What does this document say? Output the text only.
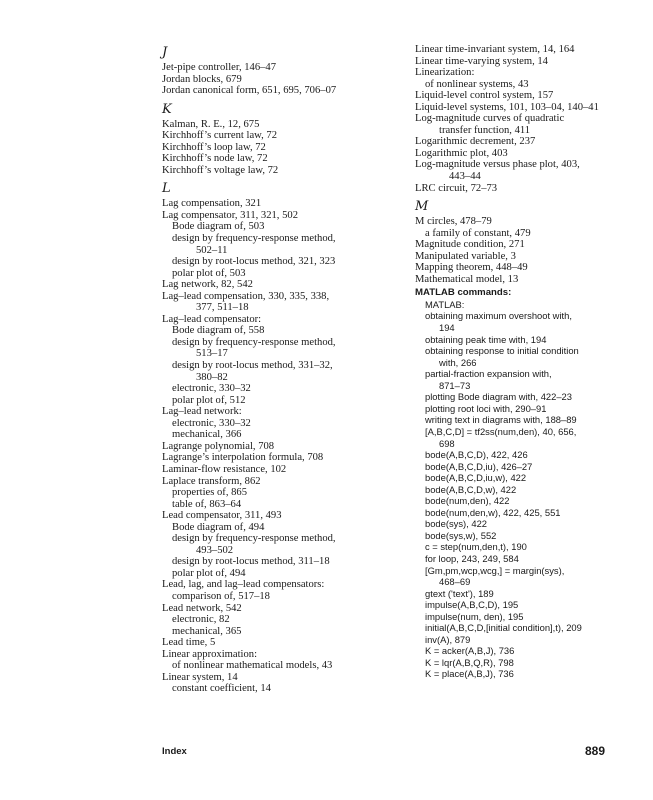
J
Jet-pipe controller, 146–47
Jordan blocks, 679
Jordan canonical form, 651, 695, 706–07
K
Kalman, R. E., 12, 675
Kirchhoff’s current law, 72
Kirchhoff’s loop law, 72
Kirchhoff’s node law, 72
Kirchhoff’s voltage law, 72
L
Lag compensation, 321
Lag compensator, 311, 321, 502
Bode diagram of, 503
design by frequency-response method,
502–11
design by root-locus method, 321, 323
polar plot of, 503
Lag network, 82, 542
Lag–lead compensation, 330, 335, 338,
377, 511–18
Lag–lead compensator:
Bode diagram of, 558
design by frequency-response method,
513–17
design by root-locus method, 331–32,
380–82
electronic, 330–32
polar plot of, 512
Lag–lead network:
electronic, 330–32
mechanical, 366
Lagrange polynomial, 708
Lagrange’s interpolation formula, 708
Laminar-flow resistance, 102
Laplace transform, 862
properties of, 865
table of, 863–64
Lead compensator, 311, 493
Bode diagram of, 494
design by frequency-response method,
493–502
design by root-locus method, 311–18
polar plot of, 494
Lead, lag, and lag–lead compensators:
comparison of, 517–18
Lead network, 542
electronic, 82
mechanical, 365
Lead time, 5
Linear approximation:
of nonlinear mathematical models, 43
Linear system, 14
constant coefficient, 14
Linear time-invariant system, 14, 164
Linear time-varying system, 14
Linearization:
of nonlinear systems, 43
Liquid-level control system, 157
Liquid-level systems, 101, 103–04, 140–41
Log-magnitude curves of quadratic
transfer function, 411
Logarithmic decrement, 237
Logarithmic plot, 403
Log-magnitude versus phase plot, 403,
443–44
LRC circuit, 72–73
M
M circles, 478–79
a family of constant, 479
Magnitude condition, 271
Manipulated variable, 3
Mapping theorem, 448–49
Mathematical model, 13
MATLAB commands:
MATLAB:
obtaining maximum overshoot with,
194
obtaining peak time with, 194
obtaining response to initial condition
with, 266
partial-fraction expansion with,
871–73
plotting Bode diagram with, 422–23
plotting root loci with, 290–91
writing text in diagrams with, 188–89
[A,B,C,D] = tf2ss(num,den), 40, 656,
698
bode(A,B,C,D), 422, 426
bode(A,B,C,D,iu), 426–27
bode(A,B,C,D,iu,w), 422
bode(A,B,C,D,w), 422
bode(num,den), 422
bode(num,den,w), 422, 425, 551
bode(sys), 422
bode(sys,w), 552
c = step(num,den,t), 190
for loop, 243, 249, 584
[Gm,pm,wcp,wcg,] = margin(sys),
468–69
gtext ('text'), 189
impulse(A,B,C,D), 195
impulse(num, den), 195
initial(A,B,C,D,[initial condition],t), 209
inv(A), 879
K = acker(A,B,J), 736
K = lqr(A,B,Q,R), 798
K = place(A,B,J), 736
Index	889
